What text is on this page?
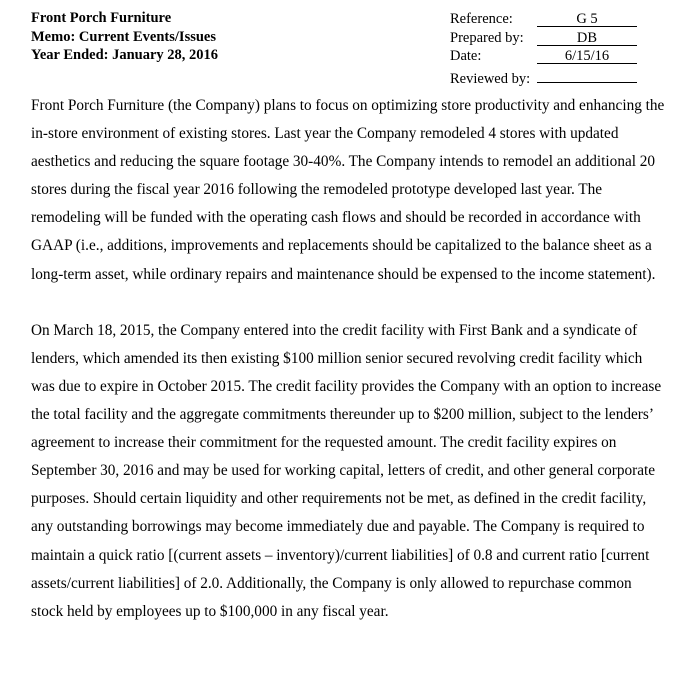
Front Porch Furniture
Memo: Current Events/Issues
Year Ended: January 28, 2016
Reference:	G 5
Prepared by:	DB
Date:	6/15/16
Reviewed by:

Front Porch Furniture (the Company) plans to focus on optimizing store productivity and enhancing the in-store environment of existing stores. Last year the Company remodeled 4 stores with updated aesthetics and reducing the square footage 30-40%. The Company intends to remodel an additional 20 stores during the fiscal year 2016 following the remodeled prototype developed last year. The remodeling will be funded with the operating cash flows and should be recorded in accordance with GAAP (i.e., additions, improvements and replacements should be capitalized to the balance sheet as a long-term asset, while ordinary repairs and maintenance should be expensed to the income statement).

On March 18, 2015, the Company entered into the credit facility with First Bank and a syndicate of lenders, which amended its then existing $100 million senior secured revolving credit facility which was due to expire in October 2015. The credit facility provides the Company with an option to increase the total facility and the aggregate commitments thereunder up to $200 million, subject to the lenders’ agreement to increase their commitment for the requested amount. The credit facility expires on September 30, 2016 and may be used for working capital, letters of credit, and other general corporate purposes. Should certain liquidity and other requirements not be met, as defined in the credit facility, any outstanding borrowings may become immediately due and payable. The Company is required to maintain a quick ratio [(current assets – inventory)/current liabilities] of 0.8 and current ratio [current assets/current liabilities] of 2.0. Additionally, the Company is only allowed to repurchase common stock held by employees up to $100,000 in any fiscal year.
